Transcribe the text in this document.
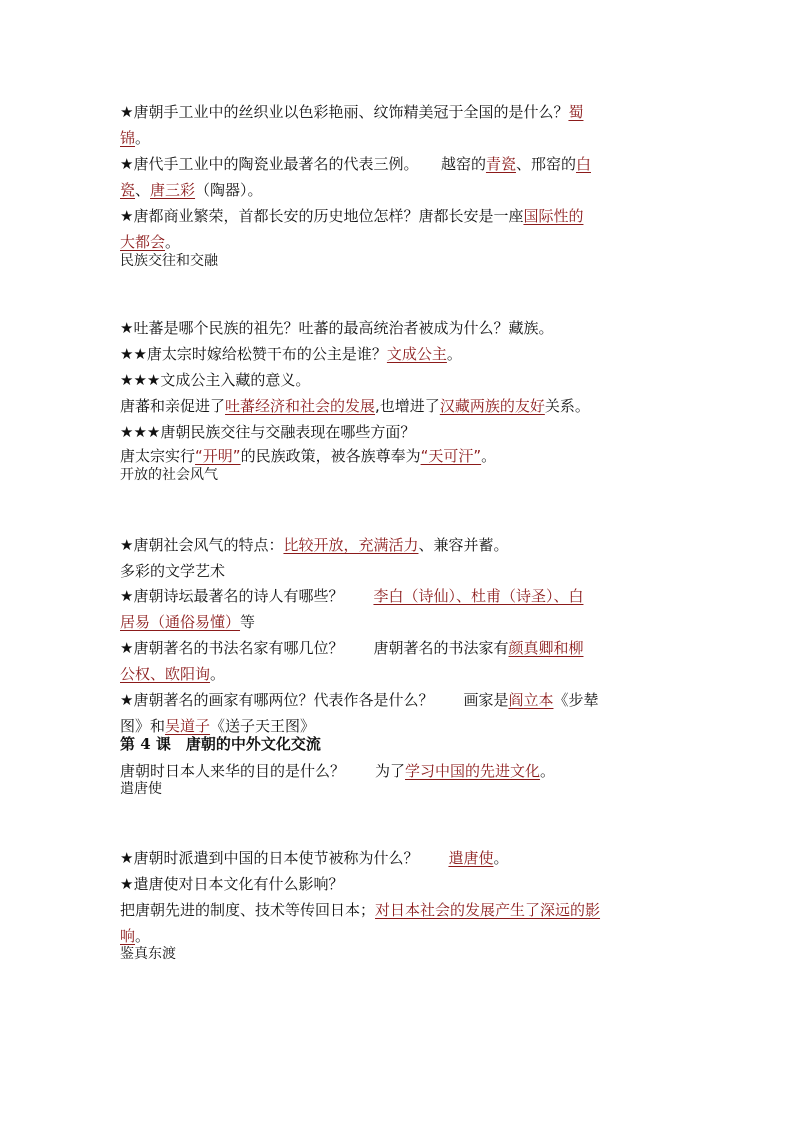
★唐朝手工业中的丝织业以色彩艳丽、纹饰精美冠于全国的是什么？蜀
锦。
★唐代手工业中的陶瓷业最著名的代表三例。　　越窑的青瓷、邢窑的白
瓷、唐三彩（陶器）。
★唐都商业繁荣，首都长安的历史地位怎样？唐都长安是一座国际性的
大都会。
民族交往和交融
★吐蕃是哪个民族的祖先？吐蕃的最高统治者被成为什么？藏族。
★★唐太宗时嫁给松赞干布的公主是谁？文成公主。
★★★文成公主入藏的意义。
唐蕃和亲促进了吐蕃经济和社会的发展,也增进了汉藏两族的友好关系。
★★★唐朝民族交往与交融表现在哪些方面？
唐太宗实行“开明”的民族政策，被各族尊奉为“天可汗”。
开放的社会风气
★唐朝社会风气的特点：比较开放，充满活力、兼容并蓄。
多彩的文学艺术
★唐朝诗坛最著名的诗人有哪些？　　李白（诗仙）、杜甫（诗圣）、白
居易（通俗易懂）等
★唐朝著名的书法名家有哪几位？　　唐朝著名的书法家有颜真卿和柳
公权、欧阳询。
★唐朝著名的画家有哪两位？代表作各是什么？　　画家是阎立本《步辇
图》和吴道子《送子天王图》
第 4 课　唐朝的中外文化交流
唐朝时日本人来华的目的是什么？　　为了学习中国的先进文化。
遣唐使
★唐朝时派遣到中国的日本使节被称为什么？　　遣唐使。
★遣唐使对日本文化有什么影响？
把唐朝先进的制度、技术等传回日本；对日本社会的发展产生了深远的影
响。
鉴真东渡
